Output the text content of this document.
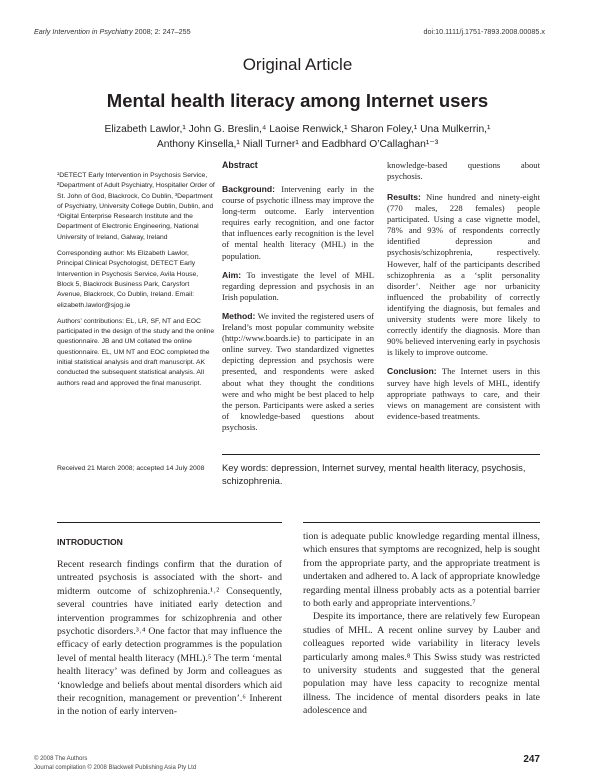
Early Intervention in Psychiatry 2008; 2: 247–255	doi:10.1111/j.1751-7893.2008.00085.x
Original Article
Mental health literacy among Internet users
Elizabeth Lawlor,¹ John G. Breslin,⁴ Laoise Renwick,¹ Sharon Foley,¹ Una Mulkerrin,¹
Anthony Kinsella,¹ Niall Turner¹ and Eadbhard O’Callaghan¹⁻³

¹DETECT Early Intervention in Psychosis Service, ²Department of Adult Psychiatry, Hospitaller Order of St. John of God, Blackrock, Co Dublin, ³Department of Psychiatry, University College Dublin, Dublin, and ⁴Digital Enterprise Research Institute and the Department of Electronic Engineering, National University of Ireland, Galway, Ireland

Corresponding author: Ms Elizabeth Lawlor, Principal Clinical Psychologist, DETECT Early Intervention in Psychosis Service, Avila House, Block 5, Blackrock Business Park, Carysfort Avenue, Blackrock, Co Dublin, Ireland. Email: elizabeth.lawlor@sjog.ie

Authors’ contributions: EL, LR, SF, NT and EOC participated in the design of the study and the online questionnaire. JB and UM collated the online questionnaire. EL, UM NT and EOC completed the initial statistical analysis and draft manuscript. AK conducted the subsequent statistical analysis. All authors read and approved the final manuscript.

Received 21 March 2008; accepted 14 July 2008
Abstract

Background: Intervening early in the course of psychotic illness may improve the long-term outcome. Early intervention requires early recognition, and one factor that influences early recognition is the level of mental health literacy (MHL) in the population.

Aim: To investigate the level of MHL regarding depression and psychosis in an Irish population.

Method: We invited the registered users of Ireland’s most popular community website (http://www.boards.ie) to participate in an online survey. Two standardized vignettes depicting depression and psychosis were presented, and respondents were asked about what they thought the conditions were and who might be best placed to help the person. Participants were asked a series of knowledge-based questions about psychosis.

knowledge-based questions about psychosis.

Results: Nine hundred and ninety-eight (770 males, 228 females) people participated. Using a case vignette model, 78% and 93% of respondents correctly identified depression and psychosis/schizophrenia, respectively. However, half of the participants described schizophrenia as a ‘split personality disorder’. Neither age nor urbanicity influenced the probability of correctly identifying the diagnosis, but females and university students were more likely to correctly identify the diagnosis. More than 90% believed intervening early in psychosis is likely to improve outcome.

Conclusion: The Internet users in this survey have high levels of MHL, identify appropriate pathways to care, and their views on management are consistent with evidence-based treatments.

Key words: depression, Internet survey, mental health literacy, psychosis, schizophrenia.
INTRODUCTION

Recent research findings confirm that the duration of untreated psychosis is associated with the short- and midterm outcome of schizophrenia.¹˒² Consequently, several countries have initiated early detection and intervention programmes for schizophrenia and other psychotic disorders.³˒⁴ One factor that may influence the efficacy of early detection programmes is the population level of mental health literacy (MHL).⁵ The term ‘mental health literacy’ was defined by Jorm and colleagues as ‘knowledge and beliefs about mental disorders which aid their recognition, management or prevention’.⁶ Inherent in the notion of early interven-

tion is adequate public knowledge regarding mental illness, which ensures that symptoms are recognized, help is sought from the appropriate party, and the appropriate treatment is undertaken and adhered to. A lack of appropriate knowledge regarding mental illness probably acts as a potential barrier to both early and appropriate interventions.⁷

Despite its importance, there are relatively few European studies of MHL. A recent online survey by Lauber and colleagues reported wide variability in literacy levels particularly among males.⁸ This Swiss study was restricted to university students and suggested that the general population may have less capacity to recognize mental illness. The incidence of mental disorders peaks in late adolescence and

© 2008 The Authors
Journal compilation © 2008 Blackwell Publishing Asia Pty Ltd
247
